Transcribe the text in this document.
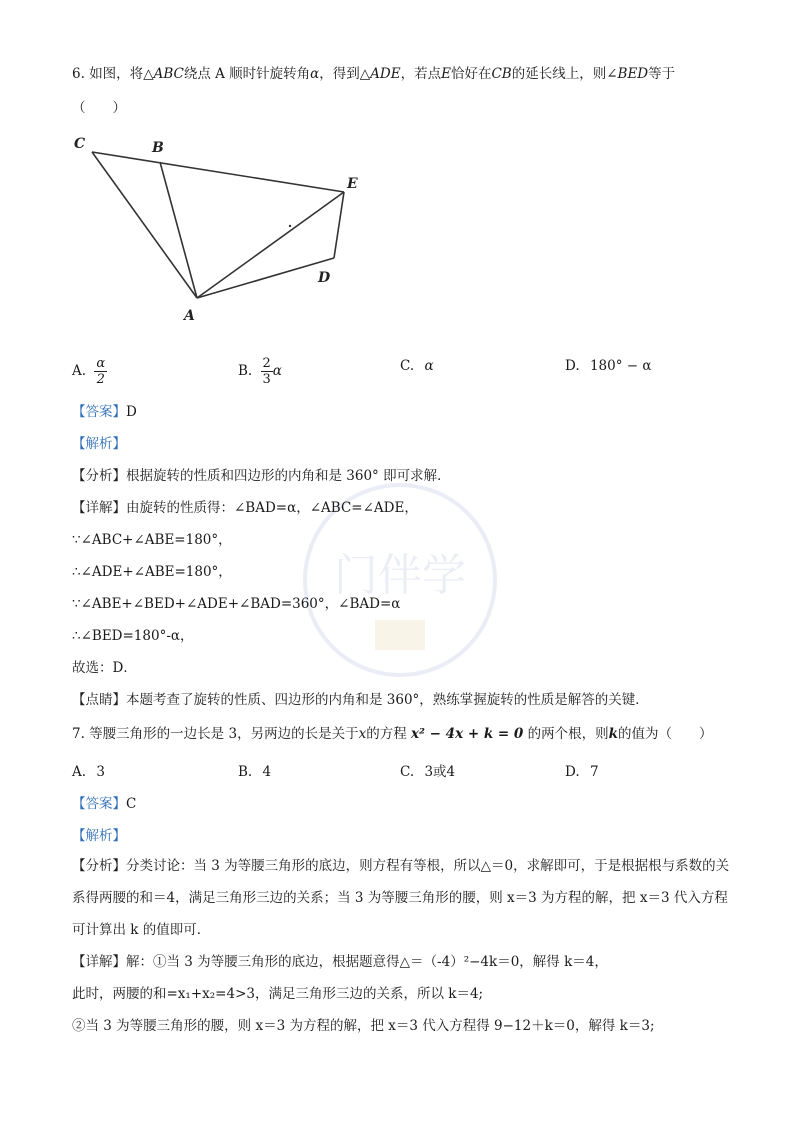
门伴学
6. 如图，将△ABC绕点 A 顺时针旋转角α，得到△ADE，若点E恰好在CB的延长线上，则∠BED等于
（　　）
C	B
E
D
A
A. $\frac{\alpha}{2}$	B. $\frac{2}{3}$ α	C. α	D. 180° − α
【答案】D
【解析】
【分析】根据旋转的性质和四边形的内角和是 360° 即可求解．
【详解】由旋转的性质得：∠BAD=α，∠ABC=∠ADE，
∵∠ABC+∠ABE=180°，
∴∠ADE+∠ABE=180°，
∵∠ABE+∠BED+∠ADE+∠BAD=360°，∠BAD=α
∴∠BED=180°-α，
故选：D．
【点睛】本题考查了旋转的性质、四边形的内角和是 360°，熟练掌握旋转的性质是解答的关键．
7. 等腰三角形的一边长是 3，另两边的长是关于x的方程 x² − 4x + k = 0 的两个根，则k的值为（　　）
A. 3	B. 4	C. 3或4	D. 7
【答案】C
【解析】
【分析】分类讨论：当 3 为等腰三角形的底边，则方程有等根，所以△＝0，求解即可，于是根据根与系数的关系得两腰的和＝4，满足三角形三边的关系；当 3 为等腰三角形的腰，则 x＝3 为方程的解，把 x＝3 代入方程可计算出 k 的值即可．
【详解】解：①当 3 为等腰三角形的底边，根据题意得△＝（-4）²−4k＝0，解得 k＝4，
此时，两腰的和=x₁+x₂=4>3，满足三角形三边的关系，所以 k＝4;
②当 3 为等腰三角形的腰，则 x＝3 为方程的解，把 x＝3 代入方程得 9−12＋k＝0，解得 k＝3;
